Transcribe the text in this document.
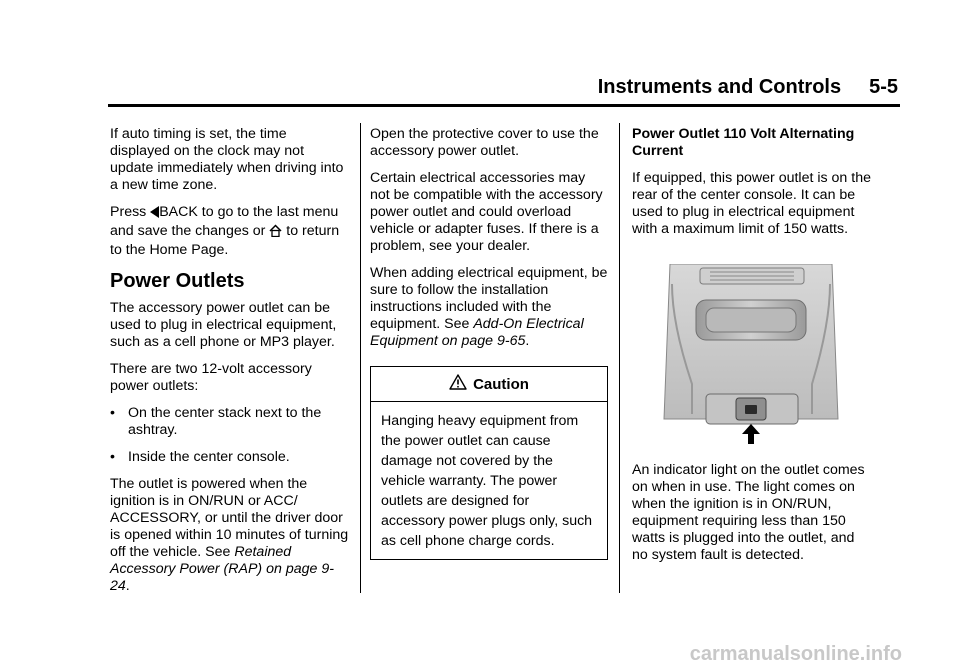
Instruments and Controls 5-5

If auto timing is set, the time displayed on the clock may not update immediately when driving into a new time zone.

Press BACK to go to the last menu and save the changes or  to return to the Home Page.

Power Outlets

The accessory power outlet can be used to plug in electrical equipment, such as a cell phone or MP3 player.

There are two 12-volt accessory power outlets:

• On the center stack next to the ashtray.
• Inside the center console.

The outlet is powered when the ignition is in ON/RUN or ACC/ ACCESSORY, or until the driver door is opened within 10 minutes of turning off the vehicle. See Retained Accessory Power (RAP) on page 9-24.

Open the protective cover to use the accessory power outlet.

Certain electrical accessories may not be compatible with the accessory power outlet and could overload vehicle or adapter fuses. If there is a problem, see your dealer.

When adding electrical equipment, be sure to follow the installation instructions included with the equipment. See Add-On Electrical Equipment on page 9-65.

Caution
Hanging heavy equipment from the power outlet can cause damage not covered by the vehicle warranty. The power outlets are designed for accessory power plugs only, such as cell phone charge cords.

Power Outlet 110 Volt Alternating Current

If equipped, this power outlet is on the rear of the center console. It can be used to plug in electrical equipment with a maximum limit of 150 watts.

An indicator light on the outlet comes on when in use. The light comes on when the ignition is in ON/RUN, equipment requiring less than 150 watts is plugged into the outlet, and no system fault is detected.

carmanualsonline.info
